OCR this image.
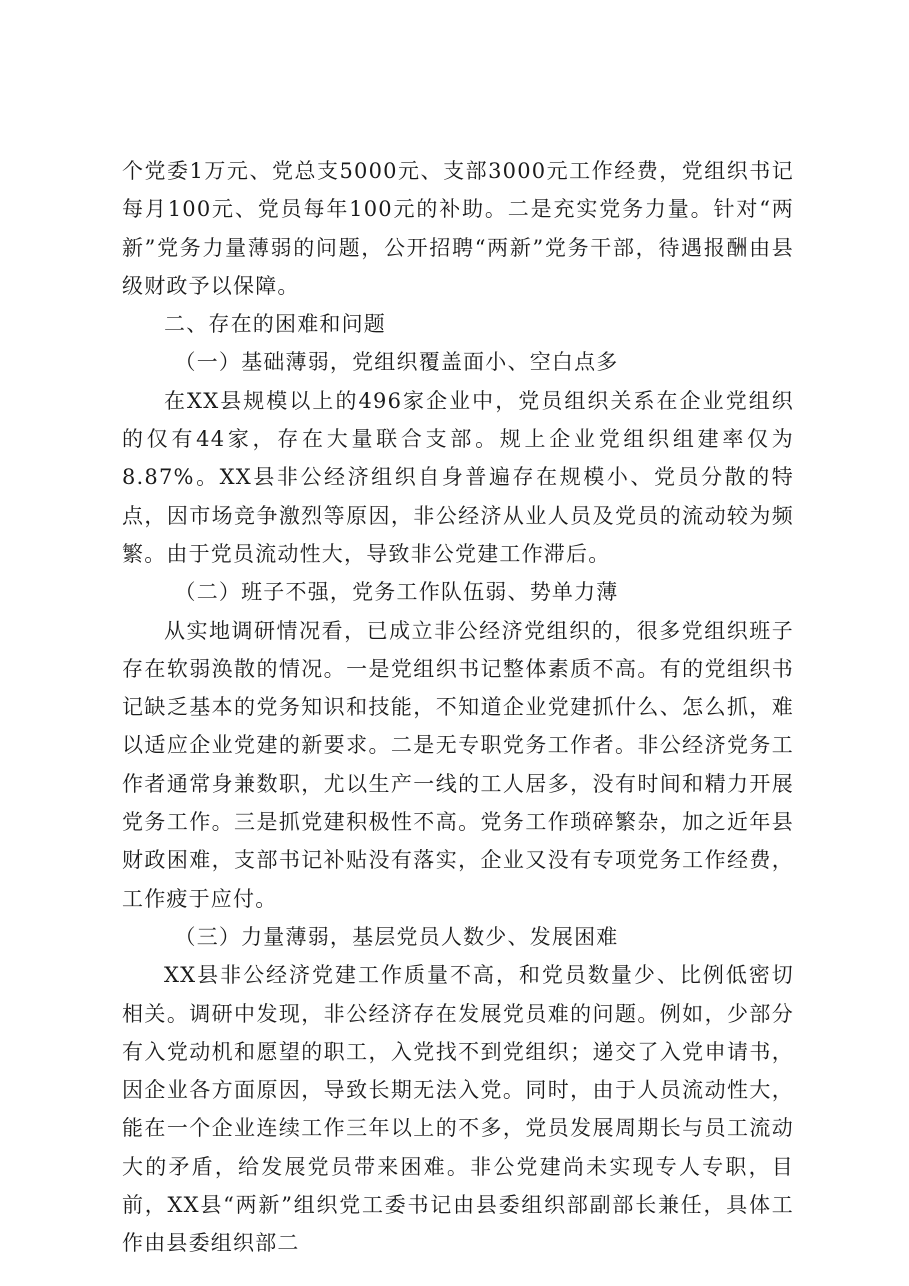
个党委1万元、党总支5000元、支部3000元工作经费，党组织书记每月100元、党员每年100元的补助。二是充实党务力量。针对“两新”党务力量薄弱的问题，公开招聘“两新”党务干部，待遇报酬由县级财政予以保障。

二、存在的困难和问题

（一）基础薄弱，党组织覆盖面小、空白点多

在XX县规模以上的496家企业中，党员组织关系在企业党组织的仅有44家，存在大量联合支部。规上企业党组织组建率仅为8.87%。XX县非公经济组织自身普遍存在规模小、党员分散的特点，因市场竞争激烈等原因，非公经济从业人员及党员的流动较为频繁。由于党员流动性大，导致非公党建工作滞后。

（二）班子不强，党务工作队伍弱、势单力薄

从实地调研情况看，已成立非公经济党组织的，很多党组织班子存在软弱涣散的情况。一是党组织书记整体素质不高。有的党组织书记缺乏基本的党务知识和技能，不知道企业党建抓什么、怎么抓，难以适应企业党建的新要求。二是无专职党务工作者。非公经济党务工作者通常身兼数职，尤以生产一线的工人居多，没有时间和精力开展党务工作。三是抓党建积极性不高。党务工作琐碎繁杂，加之近年县财政困难，支部书记补贴没有落实，企业又没有专项党务工作经费，工作疲于应付。

（三）力量薄弱，基层党员人数少、发展困难

XX县非公经济党建工作质量不高，和党员数量少、比例低密切相关。调研中发现，非公经济存在发展党员难的问题。例如，少部分有入党动机和愿望的职工，入党找不到党组织；递交了入党申请书，因企业各方面原因，导致长期无法入党。同时，由于人员流动性大，能在一个企业连续工作三年以上的不多，党员发展周期长与员工流动大的矛盾，给发展党员带来困难。非公党建尚未实现专人专职，目前，XX县“两新”组织党工委书记由县委组织部副部长兼任，具体工作由县委组织部二
